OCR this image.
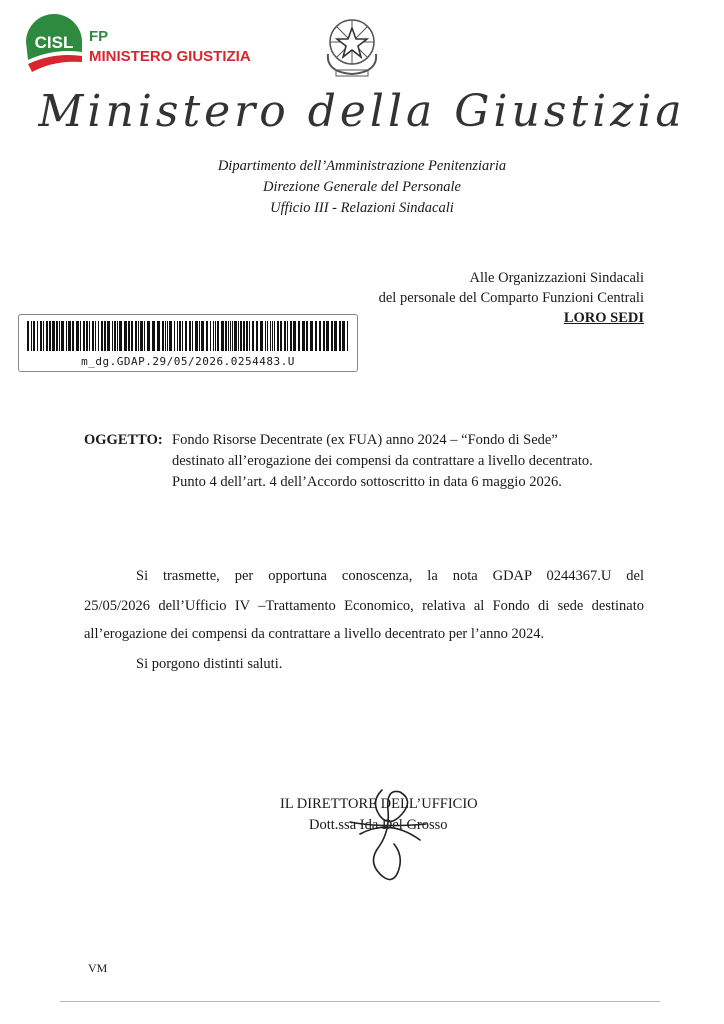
CISL FP
MINISTERO GIUSTIZIA
Ministero della Giustizia
Dipartimento dell’Amministrazione Penitenziaria
Direzione Generale del Personale
Ufficio III - Relazioni Sindacali
Alle Organizzazioni Sindacali
del personale del Comparto Funzioni Centrali
LORO SEDI
m_dg.GDAP.29/05/2026.0254483.U
OGGETTO: Fondo Risorse Decentrate (ex FUA) anno 2024 – “Fondo di Sede”
destinato all’erogazione dei compensi da contrattare a livello decentrato.
Punto 4 dell’art. 4 dell’Accordo sottoscritto in data 6 maggio 2026.
Si trasmette, per opportuna conoscenza, la nota GDAP 0244367.U del
25/05/2026 dell’Ufficio IV –Trattamento Economico, relativa al Fondo di sede destinato
all’erogazione dei compensi da contrattare a livello decentrato per l’anno 2024.
Si porgono distinti saluti.
IL DIRETTORE DELL’UFFICIO
Dott.ssa Ida Del Grosso
VM
